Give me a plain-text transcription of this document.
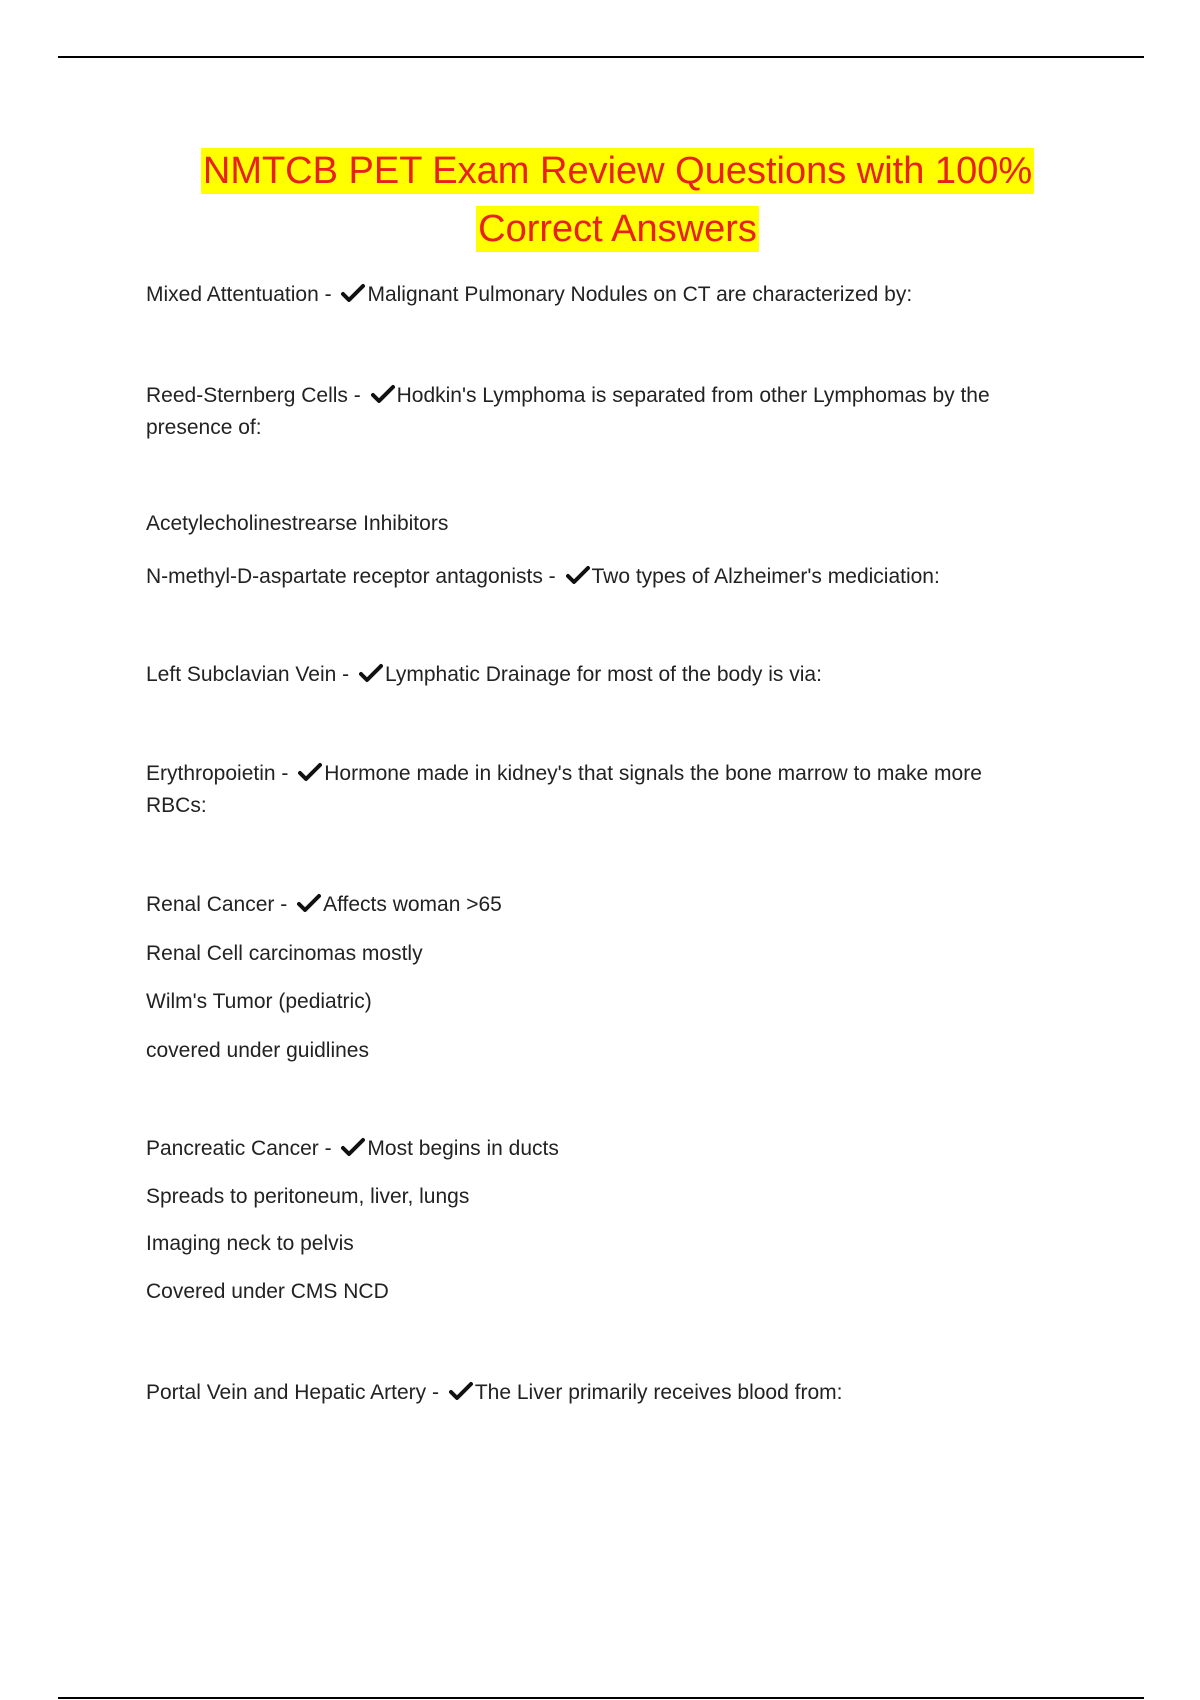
NMTCB PET Exam Review Questions with 100%
Correct Answers
Mixed Attentuation - Malignant Pulmonary Nodules on CT are characterized by:
Reed-Sternberg Cells - Hodkin's Lymphoma is separated from other Lymphomas by the presence of:
Acetylecholinestrearse Inhibitors
N-methyl-D-aspartate receptor antagonists - Two types of Alzheimer's mediciation:
Left Subclavian Vein - Lymphatic Drainage for most of the body is via:
Erythropoietin - Hormone made in kidney's that signals the bone marrow to make more RBCs:
Renal Cancer - Affects woman >65
Renal Cell carcinomas mostly
Wilm's Tumor (pediatric)
covered under guidlines
Pancreatic Cancer - Most begins in ducts
Spreads to peritoneum, liver, lungs
Imaging neck to pelvis
Covered under CMS NCD
Portal Vein and Hepatic Artery - The Liver primarily receives blood from:
